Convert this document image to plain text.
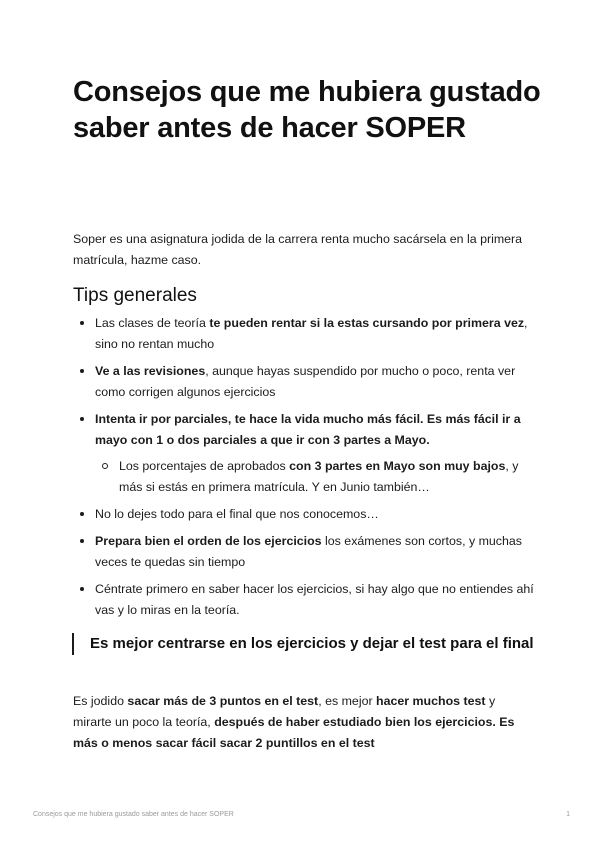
Consejos que me hubiera gustado saber antes de hacer SOPER

Soper es una asignatura jodida de la carrera renta mucho sacársela en la primera matrícula, hazme caso.

Tips generales
Las clases de teoría te pueden rentar si la estas cursando por primera vez, sino no rentan mucho
Ve a las revisiones, aunque hayas suspendido por mucho o poco, renta ver como corrigen algunos ejercicios
Intenta ir por parciales, te hace la vida mucho más fácil. Es más fácil ir a mayo con 1 o dos parciales a que ir con 3 partes a Mayo.
Los porcentajes de aprobados con 3 partes en Mayo son muy bajos, y más si estás en primera matrícula. Y en Junio también…
No lo dejes todo para el final que nos conocemos…
Prepara bien el orden de los ejercicios los exámenes son cortos, y muchas veces te quedas sin tiempo
Céntrate primero en saber hacer los ejercicios, si hay algo que no entiendes ahí vas y lo miras en la teoría.

Es mejor centrarse en los ejercicios y dejar el test para el final

Es jodido sacar más de 3 puntos en el test, es mejor hacer muchos test y mirarte un poco la teoría, después de haber estudiado bien los ejercicios. Es más o menos sacar fácil sacar 2 puntillos en el test

Consejos que me hubiera gustado saber antes de hacer SOPER	1
